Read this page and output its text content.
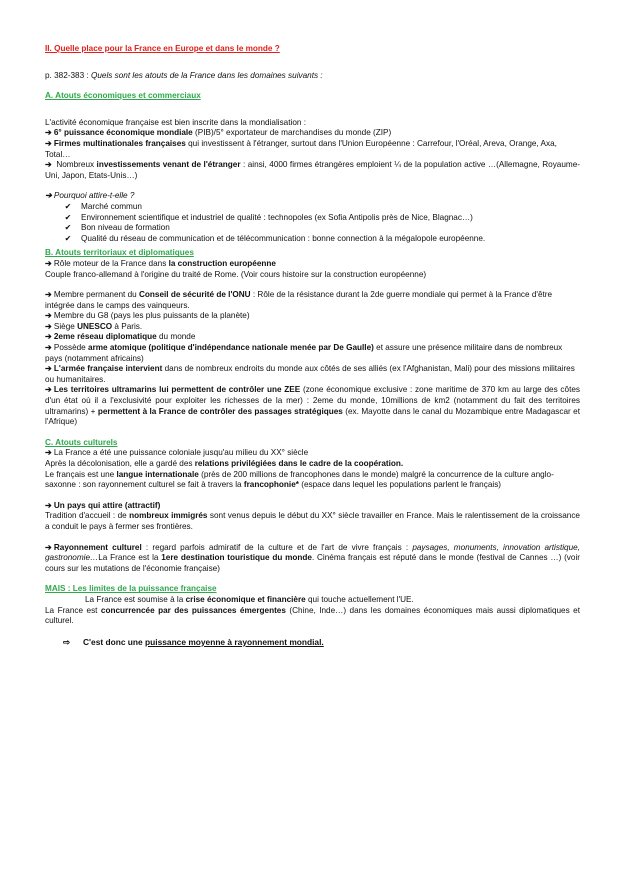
II. Quelle place pour la France en Europe et dans le monde ?

p. 382-383 : Quels sont les atouts de la France dans les domaines suivants :

A. Atouts économiques et commerciaux

L'activité économique française est bien inscrite dans la mondialisation :

➔ 6° puissance économique mondiale (PIB)/5° exportateur de marchandises du monde (ZIP)

➔ Firmes multinationales françaises qui investissent à l'étranger, surtout dans l'Union Européenne : Carrefour, l'Oréal, Areva, Orange, Axa, Total…

➔ Nombreux investissements venant de l'étranger : ainsi, 4000 firmes étrangères emploient ¼ de la population active …(Allemagne, Royaume-Uni, Japon, Etats-Unis…)

➔ Pourquoi attire-t-elle ?

✔ Marché commun

✔ Environnement scientifique et industriel de qualité : technopoles (ex Sofia Antipolis près de Nice, Blagnac…)

✔ Bon niveau de formation

✔ Qualité du réseau de communication et de télécommunication : bonne connection à la mégalopole européenne.

B. Atouts territoriaux et diplomatiques

➔ Rôle moteur de la France dans la construction européenne

Couple franco-allemand à l'origine du traité de Rome. (Voir cours histoire sur la construction européenne)

➔ Membre permanent du Conseil de sécurité de l'ONU : Rôle de la résistance durant la 2de guerre mondiale qui permet à la France d'être intégrée dans le camps des vainqueurs.

➔ Membre du G8 (pays les plus puissants de la planète)

➔ Siège UNESCO à Paris.

➔ 2eme réseau diplomatique du monde

➔ Possède arme atomique (politique d'indépendance nationale menée par De Gaulle) et assure une présence militaire dans de nombreux pays (notamment africains)

➔ L'armée française intervient dans de nombreux endroits du monde aux côtés de ses alliés (ex l'Afghanistan, Mali) pour des missions militaires ou humanitaires.

➔ Les territoires ultramarins lui permettent de contrôler une ZEE (zone économique exclusive : zone maritime de 370 km au large des côtes d'un état où il a l'exclusivité pour exploiter les richesses de la mer) : 2eme du monde, 10millions de km2 (notamment du fait des territoires ultramarins) + permettent à la France de contrôler des passages stratégiques (ex. Mayotte dans le canal du Mozambique entre Madagascar et l'Afrique)

C. Atouts culturels

➔ La France a été une puissance coloniale jusqu'au milieu du XX° siècle

Après la décolonisation, elle a gardé des relations privilégiées dans le cadre de la coopération.

Le français est une langue internationale (près de 200 millions de francophones dans le monde) malgré la concurrence de la culture anglo-saxonne : son rayonnement culturel se fait à travers la francophonie* (espace dans lequel les populations parlent le français)

➔ Un pays qui attire (attractif)

Tradition d'accueil : de nombreux immigrés sont venus depuis le début du XX° siècle travailler en France. Mais le ralentissement de la croissance a conduit le pays à fermer ses frontières.

➔ Rayonnement culturel : regard parfois admiratif de la culture et de l'art de vivre français : paysages, monuments, innovation artistique, gastronomie…La France est la 1ere destination touristique du monde. Cinéma français est réputé dans le monde (festival de Cannes …) (voir cours sur les mutations de l'économie française)

MAIS : Les limites de la puissance française

La France est soumise à la crise économique et financière qui touche actuellement l'UE.

La France est concurrencée par des puissances émergentes (Chine, Inde…) dans les domaines économiques mais aussi diplomatiques et culturel.

⇨ C'est donc une puissance moyenne à rayonnement mondial.
